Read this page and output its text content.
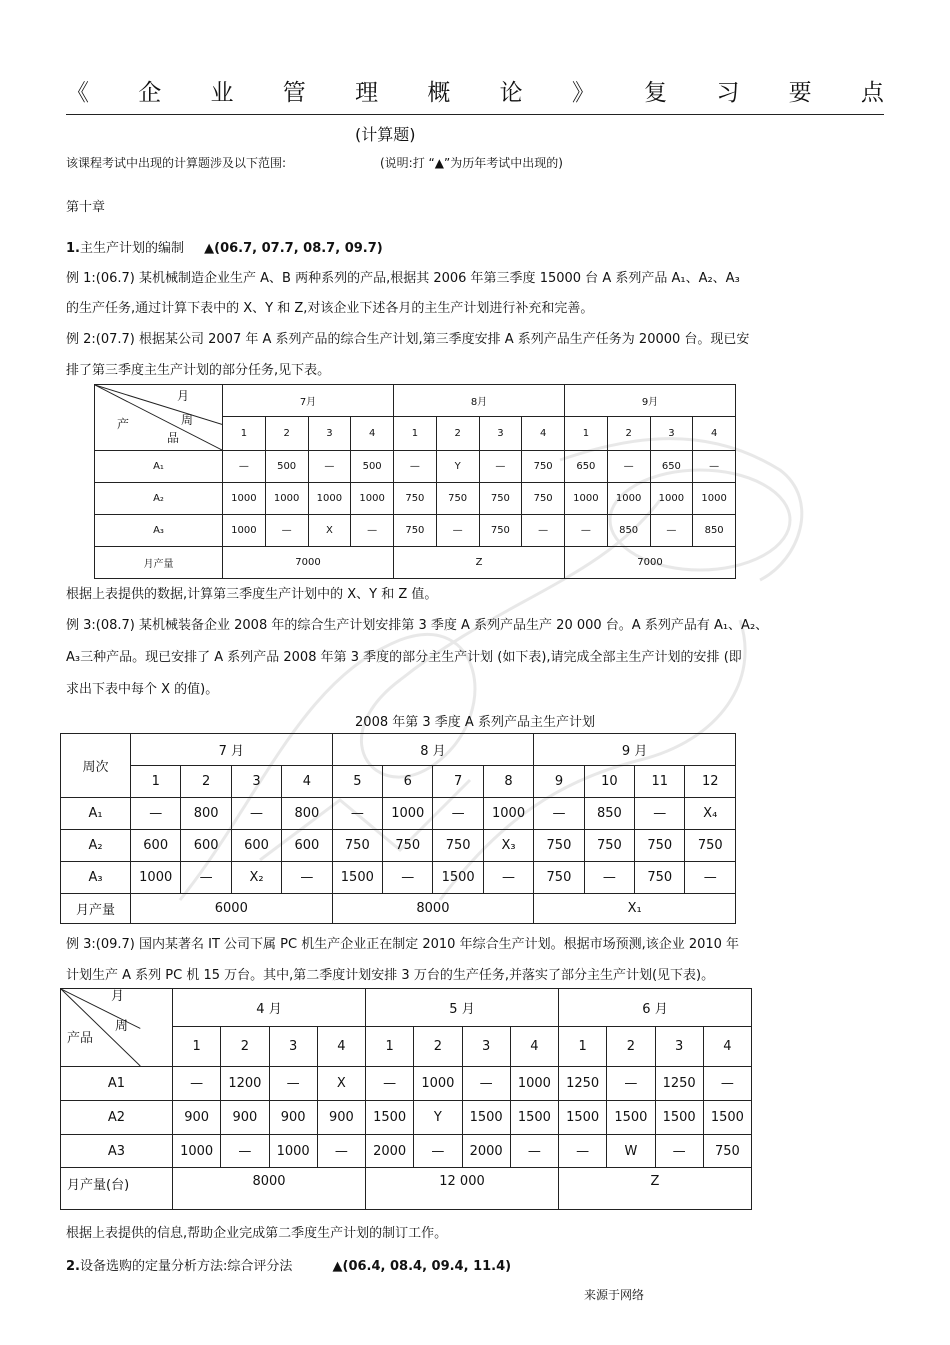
《 企 业 管 理 概 论 》 复 习 要 点
(计算题)
该课程考试中出现的计算题涉及以下范围:	(说明:打 “▲”为历年考试中出现的)
第十章
1.主生产计划的编制 ▲(06.7, 07.7, 08.7, 09.7)
例 1:(06.7) 某机械制造企业生产 A、B 两种系列的产品,根据其 2006 年第三季度 15000 台 A 系列产品 A₁、A₂、A₃
的生产任务,通过计算下表中的 X、Y 和 Z,对该企业下述各月的主生产计划进行补充和完善。
例 2:(07.7) 根据某公司 2007 年 A 系列产品的综合生产计划,第三季度安排 A 系列产品生产任务为 20000 台。现已安
排了第三季度主生产计划的部分任务,见下表。
月
周
产
品	7月				8月				9月			
	1	2	3	4	1	2	3	4	1	2	3	4
A₁	—	500	—	500	—	Y	—	750	650	—	650	—
A₂	1000	1000	1000	1000	750	750	750	750	1000	1000	1000	1000
A₃	1000	—	X	—	750	—	750	—	—	850	—	850
月产量	7000				Z				7000			
根据上表提供的数据,计算第三季度生产计划中的 X、Y 和 Z 值。
例 3:(08.7) 某机械装备企业 2008 年的综合生产计划安排第 3 季度 A 系列产品生产 20 000 台。A 系列产品有 A₁、A₂、
A₃三种产品。现已安排了 A 系列产品 2008 年第 3 季度的部分主生产计划 (如下表),请完成全部主生产计划的安排 (即
求出下表中每个 X 的值)。
2008 年第 3 季度 A 系列产品主生产计划
周次	7 月				8 月				9 月			
	1	2	3	4	5	6	7	8	9	10	11	12
A₁	—	800	—	800	—	1000	—	1000	—	850	—	X₄
A₂	600	600	600	600	750	750	750	X₃	750	750	750	750
A₃	1000	—	X₂	—	1500	—	1500	—	750	—	750	—
月产量	6000				8000				X₁			
例 3:(09.7) 国内某著名 IT 公司下属 PC 机生产企业正在制定 2010 年综合生产计划。根据市场预测,该企业 2010 年
计划生产 A 系列 PC 机 15 万台。其中,第二季度计划安排 3 万台的生产任务,并落实了部分主生产计划(见下表)。
月
周
产品	4 月				5 月				6 月			
	1	2	3	4	1	2	3	4	1	2	3	4
A1	—	1200	—	X	—	1000	—	1000	1250	—	1250	—
A2	900	900	900	900	1500	Y	1500	1500	1500	1500	1500	1500
A3	1000	—	1000	—	2000	—	2000	—	—	W	—	750
月产量(台)	8000				12 000				Z			
根据上表提供的信息,帮助企业完成第二季度生产计划的制订工作。
2.设备选购的定量分析方法:综合评分法	▲(06.4, 08.4, 09.4, 11.4)
来源于网络
